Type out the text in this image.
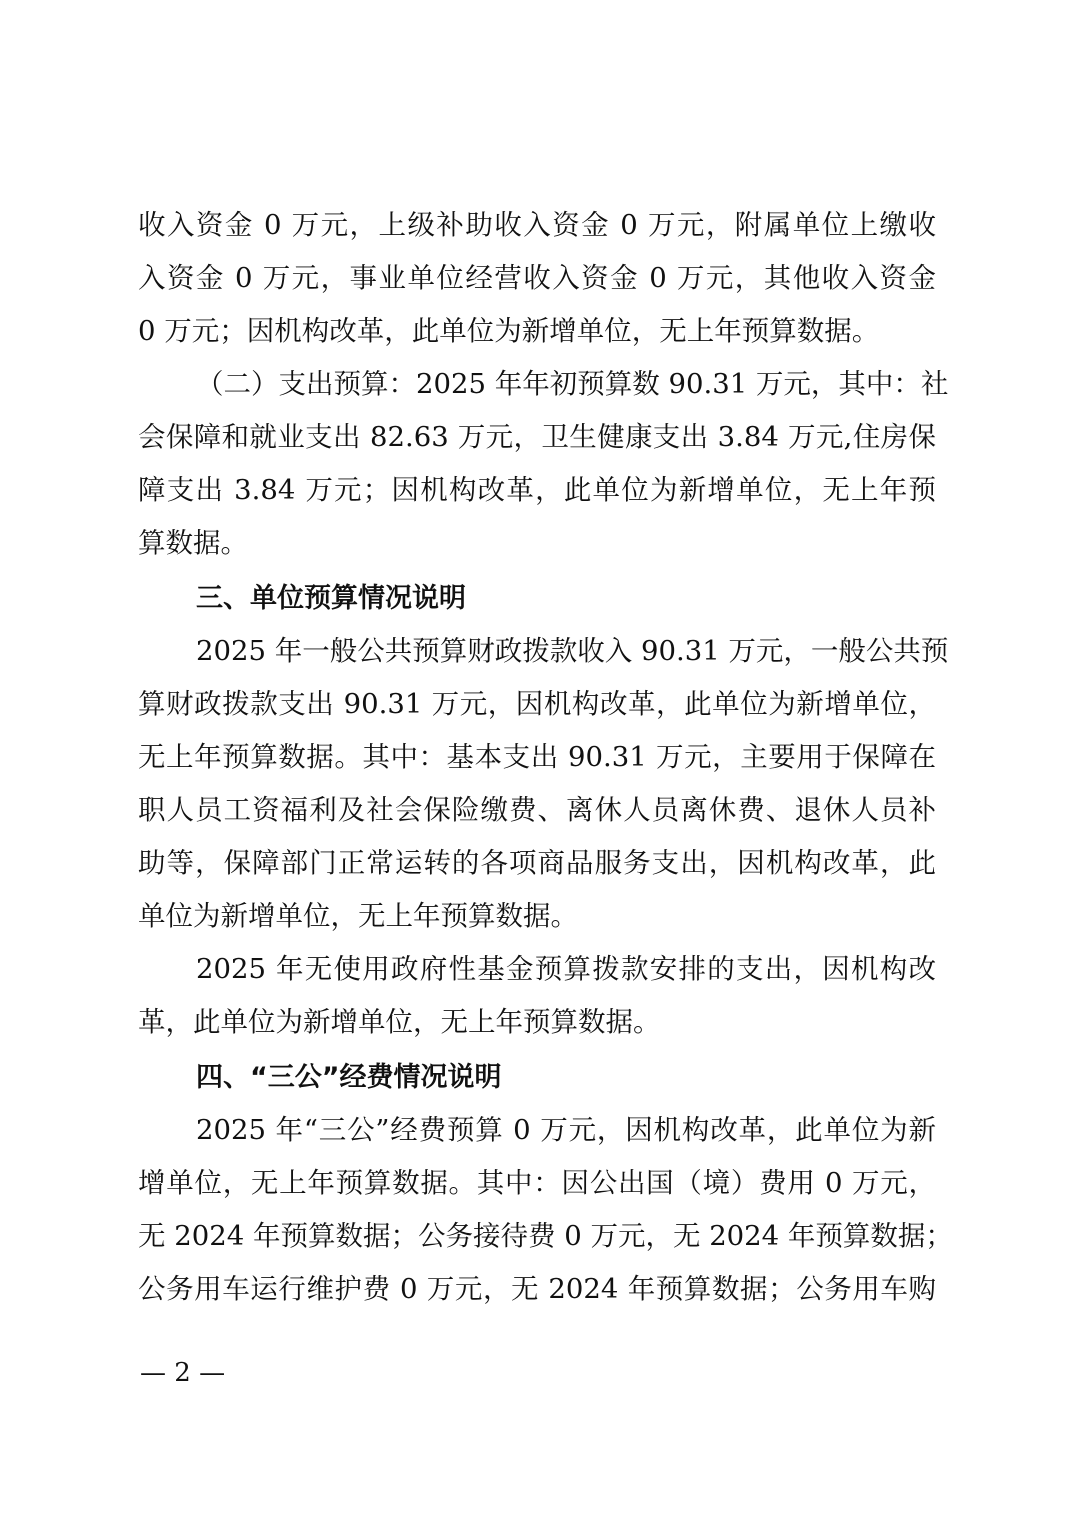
收入资金 0 万元，上级补助收入资金 0 万元，附属单位上缴收
入资金 0 万元，事业单位经营收入资金 0 万元，其他收入资金
0 万元；因机构改革，此单位为新增单位，无上年预算数据。
（二）支出预算：2025 年年初预算数 90.31 万元，其中：社
会保障和就业支出 82.63 万元，卫生健康支出 3.84 万元,住房保
障支出 3.84 万元；因机构改革，此单位为新增单位，无上年预
算数据。
三、单位预算情况说明
2025 年一般公共预算财政拨款收入 90.31 万元，一般公共预
算财政拨款支出 90.31 万元，因机构改革，此单位为新增单位，
无上年预算数据。其中：基本支出 90.31 万元，主要用于保障在
职人员工资福利及社会保险缴费、离休人员离休费、退休人员补
助等，保障部门正常运转的各项商品服务支出，因机构改革，此
单位为新增单位，无上年预算数据。
2025 年无使用政府性基金预算拨款安排的支出，因机构改
革，此单位为新增单位，无上年预算数据。
四、“三公”经费情况说明
2025 年“三公”经费预算 0 万元，因机构改革，此单位为新
增单位，无上年预算数据。其中：因公出国（境）费用 0 万元，
无 2024 年预算数据；公务接待费 0 万元，无 2024 年预算数据；
公务用车运行维护费 0 万元，无 2024 年预算数据；公务用车购
— 2 —
